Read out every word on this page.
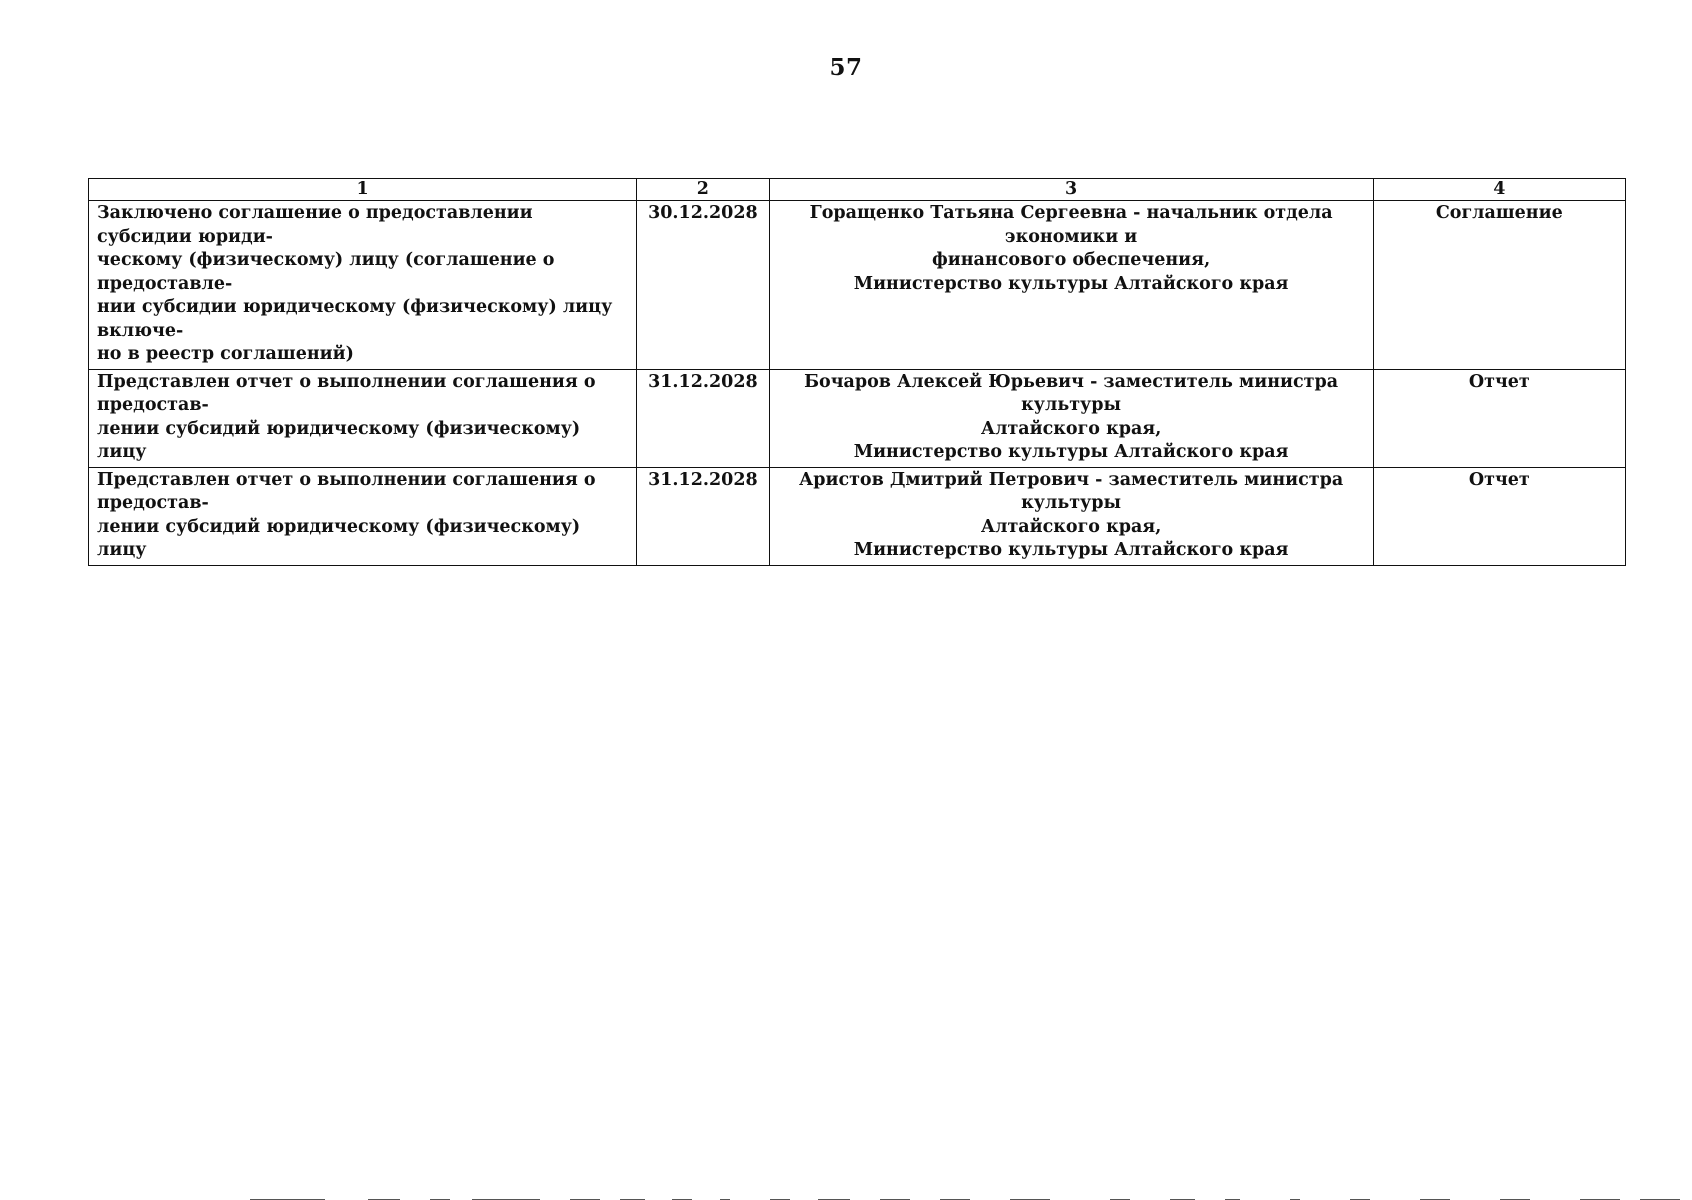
57
1	2	3	4

Заключено соглашение о предоставлении субсидии юриди-
ческому (физическому) лицу (соглашение о предоставле-
нии субсидии юридическому (физическому) лицу включе-
но в реестр соглашений)	30.12.2028	Горащенко Татьяна Сергеевна - начальник отдела экономики и
финансового обеспечения,
Министерство культуры Алтайского края	Соглашение

Представлен отчет о выполнении соглашения о предостав-
лении субсидий юридическому (физическому) лицу	31.12.2028	Бочаров Алексей Юрьевич - заместитель министра культуры
Алтайского края,
Министерство культуры Алтайского края	Отчет

Представлен отчет о выполнении соглашения о предостав-
лении субсидий юридическому (физическому) лицу	31.12.2028	Аристов Дмитрий Петрович - заместитель министра культуры
Алтайского края,
Министерство культуры Алтайского края	Отчет
